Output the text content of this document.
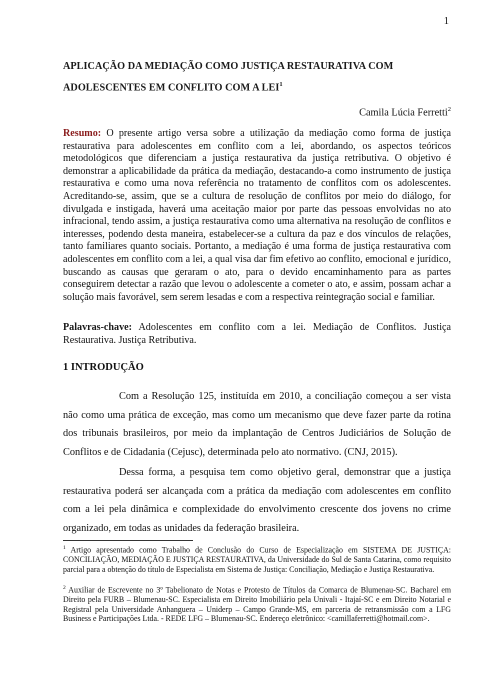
1
APLICAÇÃO DA MEDIAÇÃO COMO JUSTIÇA RESTAURATIVA COM ADOLESCENTES EM CONFLITO COM A LEI$^1$
Camila Lúcia Ferretti$^2$
Resumo: O presente artigo versa sobre a utilização da mediação como forma de justiça restaurativa para adolescentes em conflito com a lei, abordando, os aspectos teóricos metodológicos que diferenciam a justiça restaurativa da justiça retributiva. O objetivo é demonstrar a aplicabilidade da prática da mediação, destacando-a como instrumento de justiça restaurativa e como uma nova referência no tratamento de conflitos com os adolescentes. Acreditando-se, assim, que se a cultura de resolução de conflitos por meio do diálogo, for divulgada e instigada, haverá uma aceitação maior por parte das pessoas envolvidas no ato infracional, tendo assim, a justiça restaurativa como uma alternativa na resolução de conflitos e interesses, podendo desta maneira, estabelecer-se a cultura da paz e dos vínculos de relações, tanto familiares quanto sociais. Portanto, a mediação é uma forma de justiça restaurativa com adolescentes em conflito com a lei, a qual visa dar fim efetivo ao conflito, emocional e jurídico, buscando as causas que geraram o ato, para o devido encaminhamento para as partes conseguirem detectar a razão que levou o adolescente a cometer o ato, e assim, possam achar a solução mais favorável, sem serem lesadas e com a respectiva reintegração social e familiar.
Palavras-chave: Adolescentes em conflito com a lei. Mediação de Conflitos. Justiça Restaurativa. Justiça Retributiva.
1 INTRODUÇÃO
Com a Resolução 125, instituída em 2010, a conciliação começou a ser vista não como uma prática de exceção, mas como um mecanismo que deve fazer parte da rotina dos tribunais brasileiros, por meio da implantação de Centros Judiciários de Solução de Conflitos e de Cidadania (Cejusc), determinada pelo ato normativo. (CNJ, 2015).
Dessa forma, a pesquisa tem como objetivo geral, demonstrar que a justiça restaurativa poderá ser alcançada com a prática da mediação com adolescentes em conflito com a lei pela dinâmica e complexidade do envolvimento crescente dos jovens no crime organizado, em todas as unidades da federação brasileira.
$^1$ Artigo apresentado como Trabalho de Conclusão do Curso de Especialização em SISTEMA DE JUSTIÇA: CONCILIAÇÃO, MEDIAÇÃO E JUSTIÇA RESTAURATIVA, da Universidade do Sul de Santa Catarina, como requisito parcial para a obtenção do título de Especialista em Sistema de Justiça: Conciliação, Mediação e Justiça Restaurativa.
$^2$ Auxiliar de Escrevente no 3º Tabelionato de Notas e Protesto de Títulos da Comarca de Blumenau-SC. Bacharel em Direito pela FURB – Blumenau-SC. Especialista em Direito Imobiliário pela Univali - Itajaí-SC e em Direito Notarial e Registral pela Universidade Anhanguera – Uniderp – Campo Grande-MS, em parceria de retransmissão com a LFG Business e Participações Ltda. - REDE LFG – Blumenau-SC. Endereço eletrônico: <camillaferretti@hotmail.com>.
